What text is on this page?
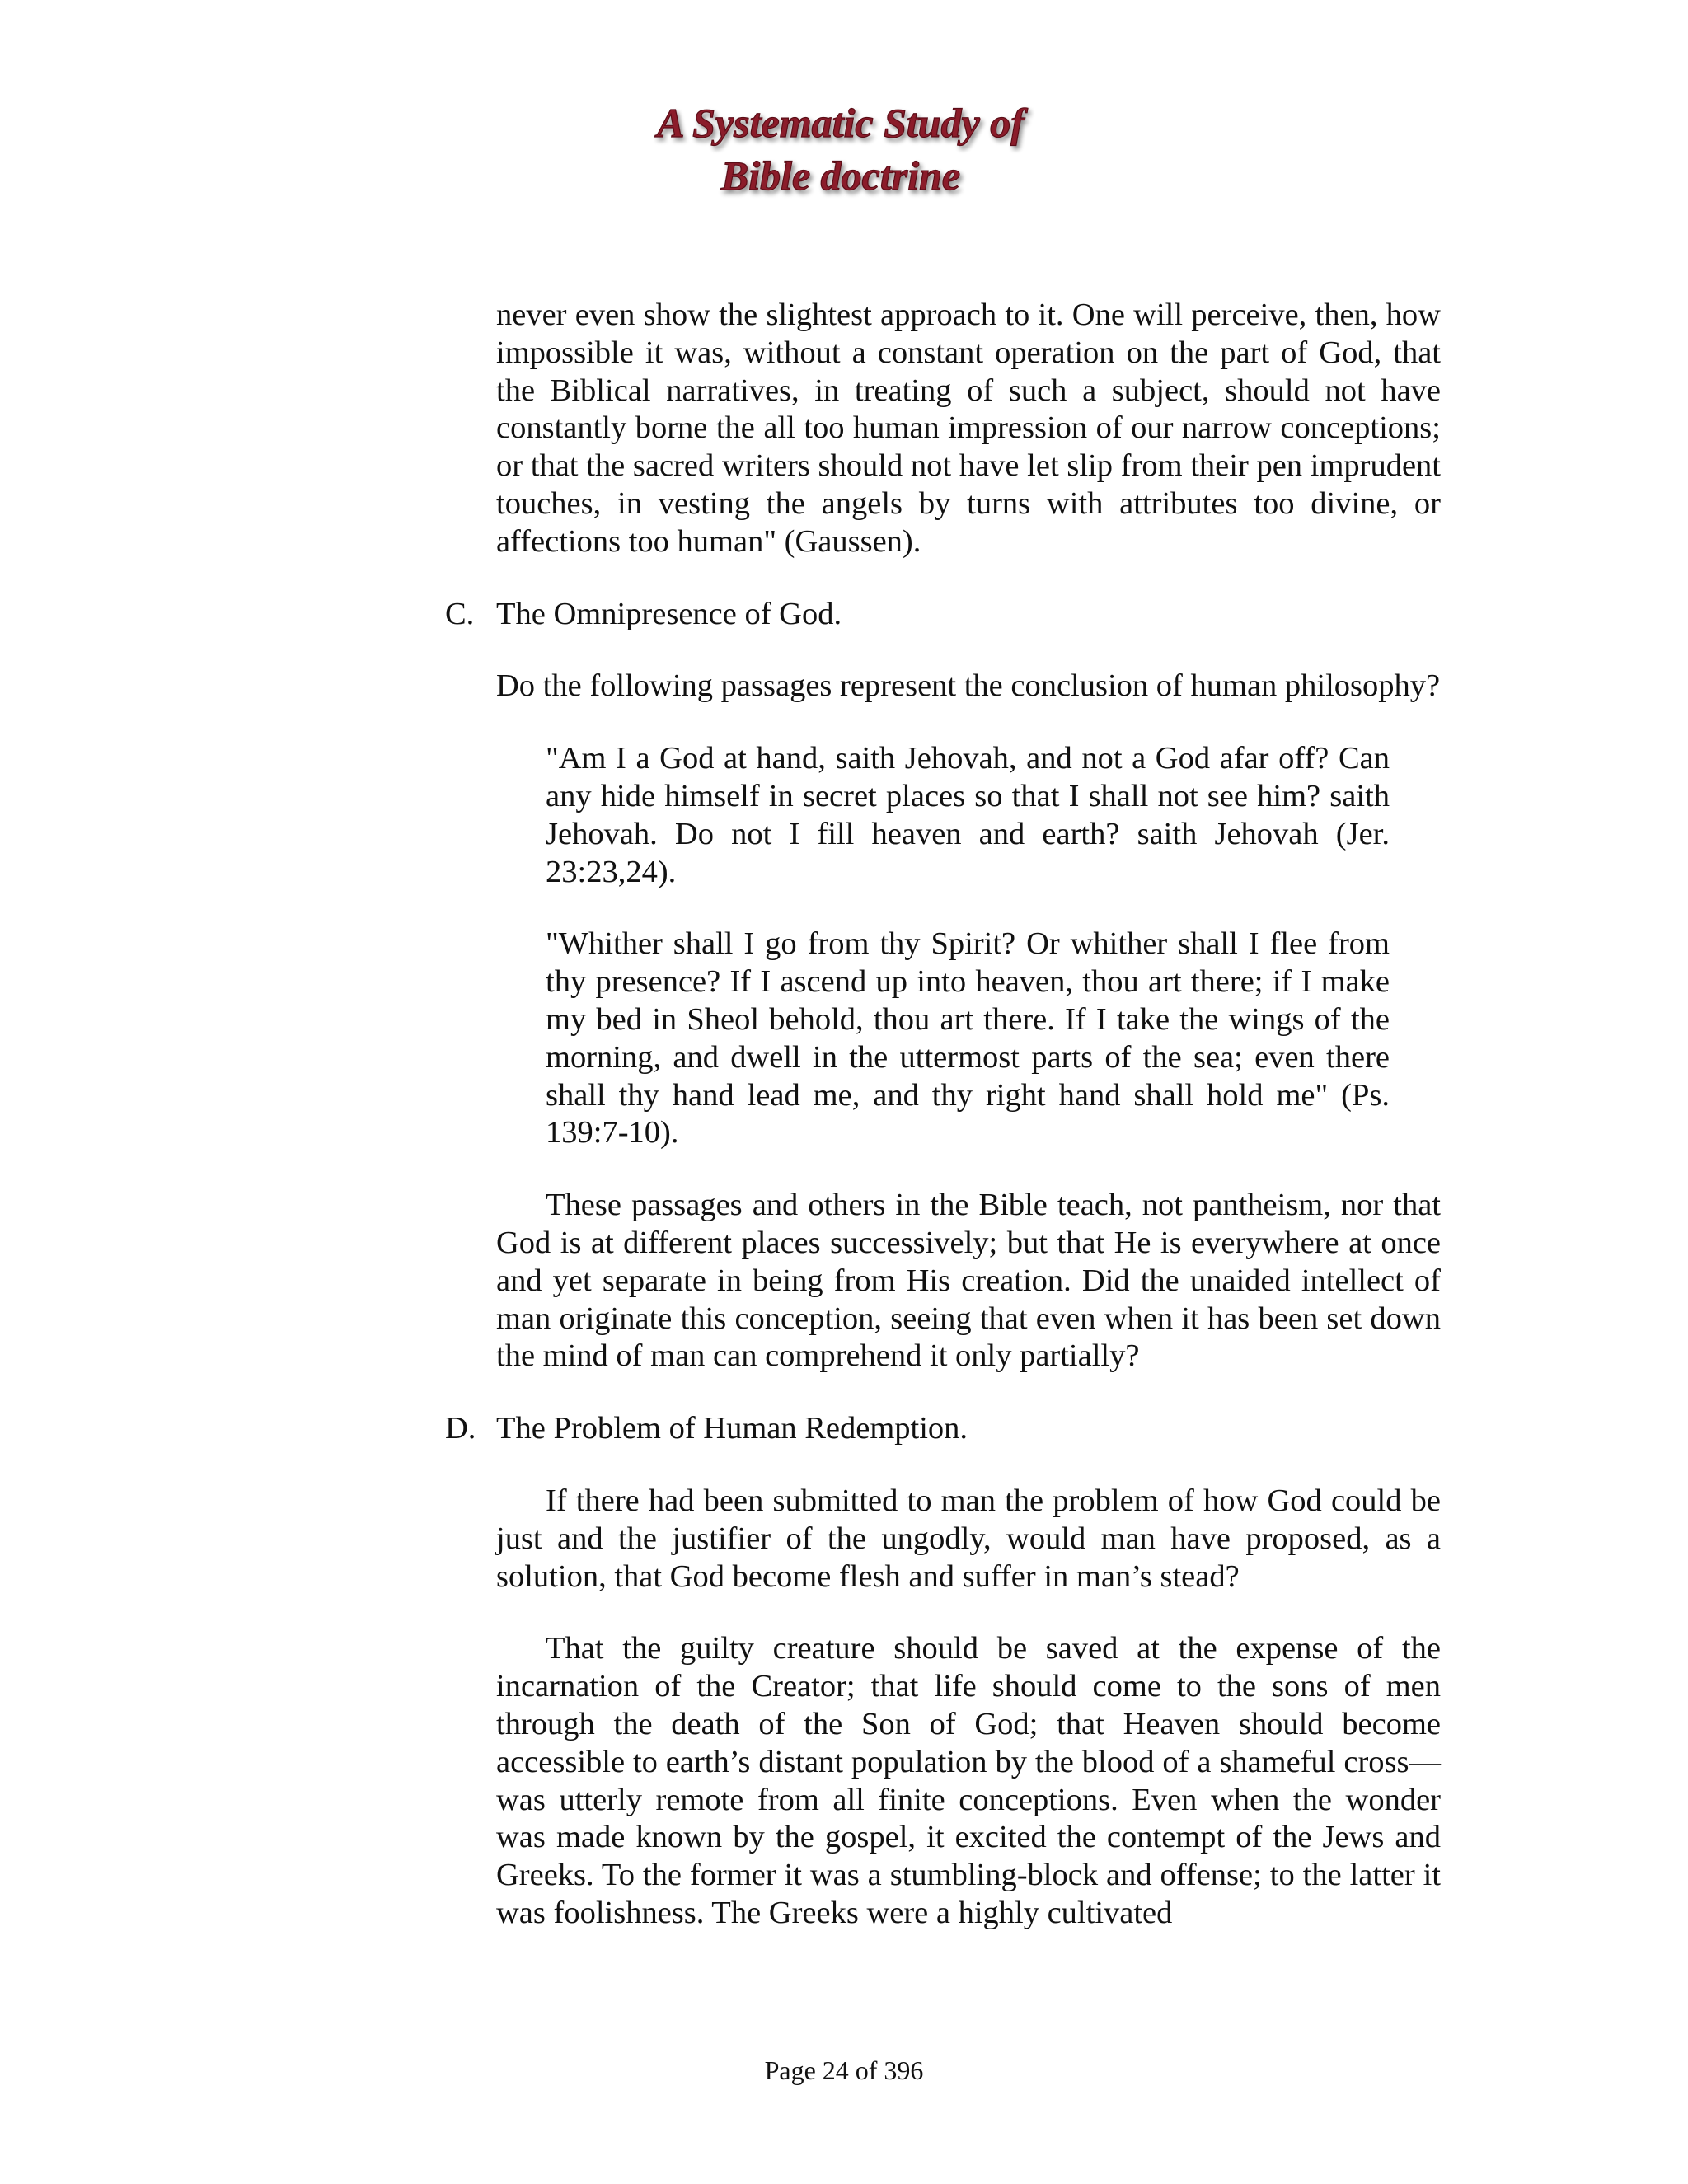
A Systematic Study of
Bible doctrine

never even show the slightest approach to it. One will perceive, then, how impossible it was, without a constant operation on the part of God, that the Biblical narratives, in treating of such a subject, should not have constantly borne the all too human impression of our narrow conceptions; or that the sacred writers should not have let slip from their pen imprudent touches, in vesting the angels by turns with attributes too divine, or affections too human" (Gaussen).

C. The Omnipresence of God.

Do the following passages represent the conclusion of human philosophy?

"Am I a God at hand, saith Jehovah, and not a God afar off? Can any hide himself in secret places so that I shall not see him? saith Jehovah. Do not I fill heaven and earth? saith Jehovah (Jer. 23:23,24).

"Whither shall I go from thy Spirit? Or whither shall I flee from thy presence? If I ascend up into heaven, thou art there; if I make my bed in Sheol behold, thou art there. If I take the wings of the morning, and dwell in the uttermost parts of the sea; even there shall thy hand lead me, and thy right hand shall hold me" (Ps. 139:7-10).

These passages and others in the Bible teach, not pantheism, nor that God is at different places successively; but that He is everywhere at once and yet separate in being from His creation. Did the unaided intellect of man originate this conception, seeing that even when it has been set down the mind of man can comprehend it only partially?

D. The Problem of Human Redemption.

If there had been submitted to man the problem of how God could be just and the justifier of the ungodly, would man have proposed, as a solution, that God become flesh and suffer in man’s stead?

That the guilty creature should be saved at the expense of the incarnation of the Creator; that life should come to the sons of men through the death of the Son of God; that Heaven should become accessible to earth’s distant population by the blood of a shameful cross—was utterly remote from all finite conceptions. Even when the wonder was made known by the gospel, it excited the contempt of the Jews and Greeks. To the former it was a stumbling-block and offense; to the latter it was foolishness. The Greeks were a highly cultivated

Page 24 of 396
